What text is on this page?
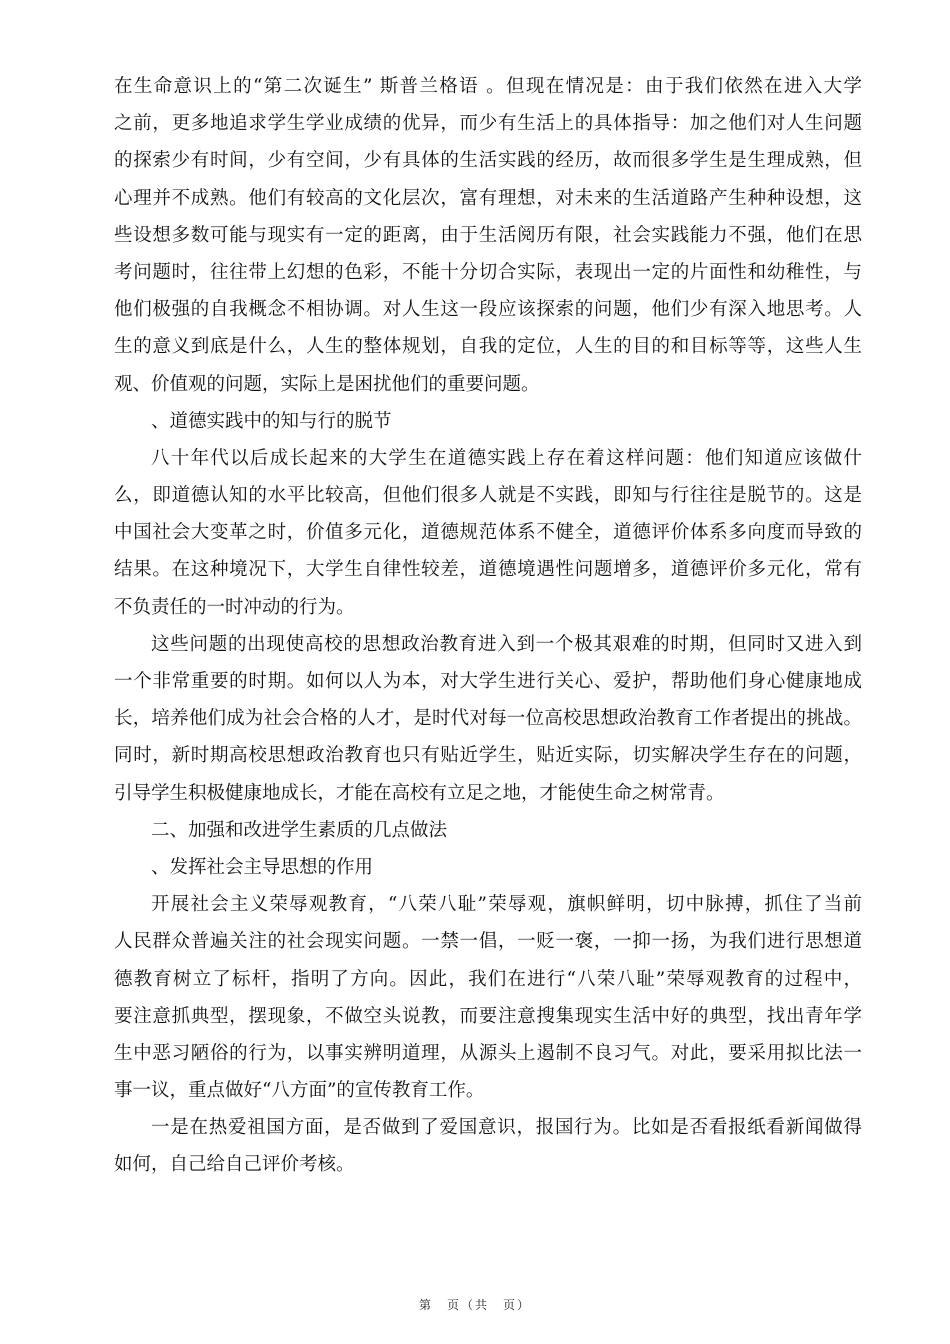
在生命意识上的“第二次诞生” 斯普兰格语 。但现在情况是：由于我们依然在进入大学
之前，更多地追求学生学业成绩的优异，而少有生活上的具体指导：加之他们对人生问题
的探索少有时间，少有空间，少有具体的生活实践的经历，故而很多学生是生理成熟，但
心理并不成熟。他们有较高的文化层次，富有理想，对未来的生活道路产生种种设想，这
些设想多数可能与现实有一定的距离，由于生活阅历有限，社会实践能力不强，他们在思
考问题时，往往带上幻想的色彩，不能十分切合实际，表现出一定的片面性和幼稚性，与
他们极强的自我概念不相协调。对人生这一段应该探索的问题，他们少有深入地思考。人
生的意义到底是什么，人生的整体规划，自我的定位，人生的目的和目标等等，这些人生
观、价值观的问题，实际上是困扰他们的重要问题。
、道德实践中的知与行的脱节
八十年代以后成长起来的大学生在道德实践上存在着这样问题：他们知道应该做什
么，即道德认知的水平比较高，但他们很多人就是不实践，即知与行往往是脱节的。这是
中国社会大变革之时，价值多元化，道德规范体系不健全，道德评价体系多向度而导致的
结果。在这种境况下，大学生自律性较差，道德境遇性问题增多，道德评价多元化，常有
不负责任的一时冲动的行为。
这些问题的出现使高校的思想政治教育进入到一个极其艰难的时期，但同时又进入到
一个非常重要的时期。如何以人为本，对大学生进行关心、爱护，帮助他们身心健康地成
长，培养他们成为社会合格的人才，是时代对每一位高校思想政治教育工作者提出的挑战。
同时，新时期高校思想政治教育也只有贴近学生，贴近实际，切实解决学生存在的问题，
引导学生积极健康地成长，才能在高校有立足之地，才能使生命之树常青。
二、加强和改进学生素质的几点做法
、发挥社会主导思想的作用
开展社会主义荣辱观教育，“八荣八耻”荣辱观，旗帜鲜明，切中脉搏，抓住了当前
人民群众普遍关注的社会现实问题。一禁一倡，一贬一褒，一抑一扬，为我们进行思想道
德教育树立了标杆，指明了方向。因此，我们在进行“八荣八耻”荣辱观教育的过程中，
要注意抓典型，摆现象，不做空头说教，而要注意搜集现实生活中好的典型，找出青年学
生中恶习陋俗的行为，以事实辨明道理，从源头上遏制不良习气。对此，要采用拟比法一
事一议，重点做好“八方面”的宣传教育工作。
一是在热爱祖国方面，是否做到了爱国意识，报国行为。比如是否看报纸看新闻做得
如何，自己给自己评价考核。
第　页（共　页）
